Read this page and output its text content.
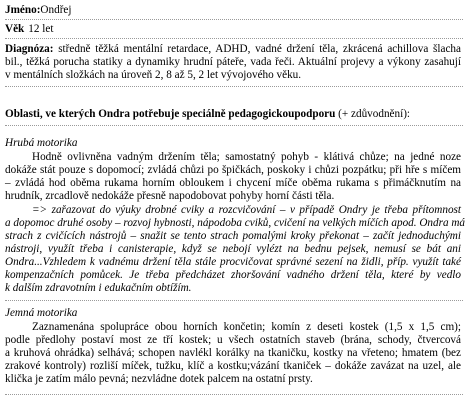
Jméno:Ondřej
Věk 12 let
Diagnóza: středně těžká mentální retardace, ADHD, vadné držení těla, zkrácená achillova šlacha
bil., těžká porucha statiky a dynamiky hrudní páteře, vada řeči. Aktuální projevy a výkony zasahují
v mentálních složkách na úroveň 2, 8 až 5, 2 let vývojového věku.
Oblasti, ve kterých Ondra potřebuje speciálně pedagogickoupodporu (+ zdůvodnění):
Hrubá motorika
Hodně ovlivněna vadným držením těla; samostatný pohyb - klátivá chůze; na jedné noze
dokáže stát pouze s dopomocí; zvládá chůzi po špičkách, poskoky i chůzi pozpátku; při hře s míčem
– zvládá hod oběma rukama horním obloukem i chycení míče oběma rukama s přimáčknutím na
hrudník, zrcadlově nedokáže přesně napodobovat pohyby horní části těla.
=> zařazovat do výuky drobné cviky a rozcvičování – v případě Ondry je třeba přítomnost
a dopomoc druhé osoby – rozvoj hybnosti, nápodoba cviků, cvičení na velkých míčích apod. Ondra má
strach z cvičících nástrojů – snažit se tento strach pomalými kroky překonat – začít jednoduchými
nástroji, využít třeba i canisterapie, když se nebojí vylézt na bednu pejsek, nemusí se bát ani
Ondra...Vzhledem k vadnému držení těla stále procvičovat správné sezení na židli, příp. využít také
kompenzačních pomůcek. Je třeba předcházet zhoršování vadného držení těla, které by vedlo
k dalším zdravotním i edukačním obtížím.
Jemná motorika
Zaznamenána spolupráce obou horních končetin; komín z deseti kostek (1,5 x 1,5 cm);
podle předlohy postaví most ze tří kostek; u všech ostatních staveb (brána, schody, čtvercová
a kruhová ohrádka) selhává; schopen navlékl korálky na tkaničku, kostky na vřeteno; hmatem (bez
zrakové kontroly) rozliší míček, tužku, klíč a kostku;vázání tkaniček – dokáže zavázat na uzel, ale
klička je zatím málo pevná; nezvládne dotek palcem na ostatní prsty.
